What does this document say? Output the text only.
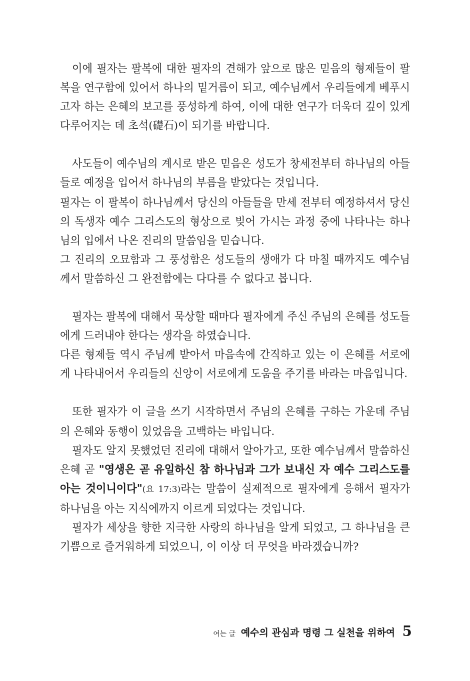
이에 필자는 팔복에 대한 필자의 견해가 앞으로 많은 믿음의 형제들이 팔복을 연구함에 있어서 하나의 밑거름이 되고, 예수님께서 우리들에게 베푸시고자 하는 은혜의 보고를 풍성하게 하여, 이에 대한 연구가 더욱더 깊이 있게 다루어지는 데 초석(礎石)이 되기를 바랍니다.

사도들이 예수님의 계시로 받은 믿음은 성도가 창세전부터 하나님의 아들들로 예정을 입어서 하나님의 부름을 받았다는 것입니다.

필자는 이 팔복이 하나님께서 당신의 아들들을 만세 전부터 예정하셔서 당신의 독생자 예수 그리스도의 형상으로 빚어 가시는 과정 중에 나타나는 하나님의 입에서 나온 진리의 말씀임을 믿습니다.

그 진리의 오묘함과 그 풍성함은 성도들의 생애가 다 마칠 때까지도 예수님께서 말씀하신 그 완전함에는 다다를 수 없다고 봅니다.

필자는 팔복에 대해서 묵상할 때마다 필자에게 주신 주님의 은혜를 성도들에게 드러내야 한다는 생각을 하였습니다.

다른 형제들 역시 주님께 받아서 마음속에 간직하고 있는 이 은혜를 서로에게 나타내어서 우리들의 신앙이 서로에게 도움을 주기를 바라는 마음입니다.

또한 필자가 이 글을 쓰기 시작하면서 주님의 은혜를 구하는 가운데 주님의 은혜와 동행이 있었음을 고백하는 바입니다.

필자도 알지 못했었던 진리에 대해서 알아가고, 또한 예수님께서 말씀하신 은혜 곧 "영생은 곧 유일하신 참 하나님과 그가 보내신 자 예수 그리스도를 아는 것이니이다"(요 17:3)라는 말씀이 실제적으로 필자에게 응해서 필자가 하나님을 아는 지식에까지 이르게 되었다는 것입니다.

필자가 세상을 향한 지극한 사랑의 하나님을 알게 되었고, 그 하나님을 큰 기쁨으로 즐거워하게 되었으니, 이 이상 더 무엇을 바라겠습니까?

여는 글 예수의 관심과 명령 그 실천을 위하여 5
